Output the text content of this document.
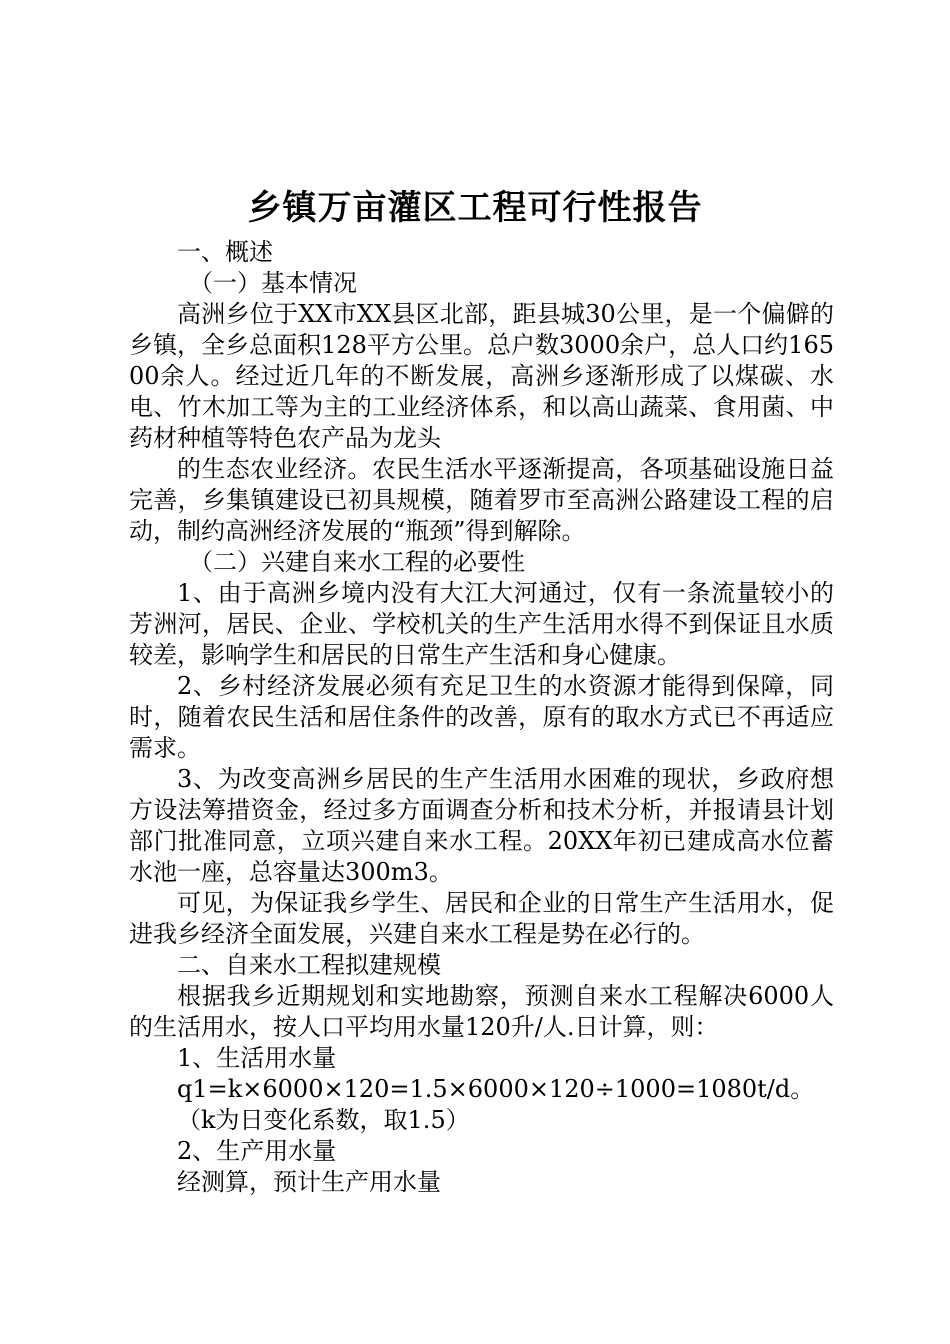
乡镇万亩灌区工程可行性报告

一、概述

（一）基本情况

高洲乡位于XX市XX县区北部，距县城30公里，是一个偏僻的乡镇，全乡总面积128平方公里。总户数3000余户，总人口约16500余人。经过近几年的不断发展，高洲乡逐渐形成了以煤碳、水电、竹木加工等为主的工业经济体系，和以高山蔬菜、食用菌、中药材种植等特色农产品为龙头

的生态农业经济。农民生活水平逐渐提高，各项基础设施日益完善，乡集镇建设已初具规模，随着罗市至高洲公路建设工程的启动，制约高洲经济发展的“瓶颈”得到解除。

（二）兴建自来水工程的必要性

1、由于高洲乡境内没有大江大河通过，仅有一条流量较小的芳洲河，居民、企业、学校机关的生产生活用水得不到保证且水质较差，影响学生和居民的日常生产生活和身心健康。

2、乡村经济发展必须有充足卫生的水资源才能得到保障，同时，随着农民生活和居住条件的改善，原有的取水方式已不再适应需求。

3、为改变高洲乡居民的生产生活用水困难的现状，乡政府想方设法筹措资金，经过多方面调查分析和技术分析，并报请县计划部门批准同意，立项兴建自来水工程。20XX年初已建成高水位蓄水池一座，总容量达300m3。

可见，为保证我乡学生、居民和企业的日常生产生活用水，促进我乡经济全面发展，兴建自来水工程是势在必行的。

二、自来水工程拟建规模

根据我乡近期规划和实地勘察，预测自来水工程解决6000人的生活用水，按人口平均用水量120升/人.日计算，则：

1、生活用水量

q1=k×6000×120=1.5×6000×120÷1000=1080t/d。

（k为日变化系数，取1.5）

2、生产用水量

经测算，预计生产用水量
